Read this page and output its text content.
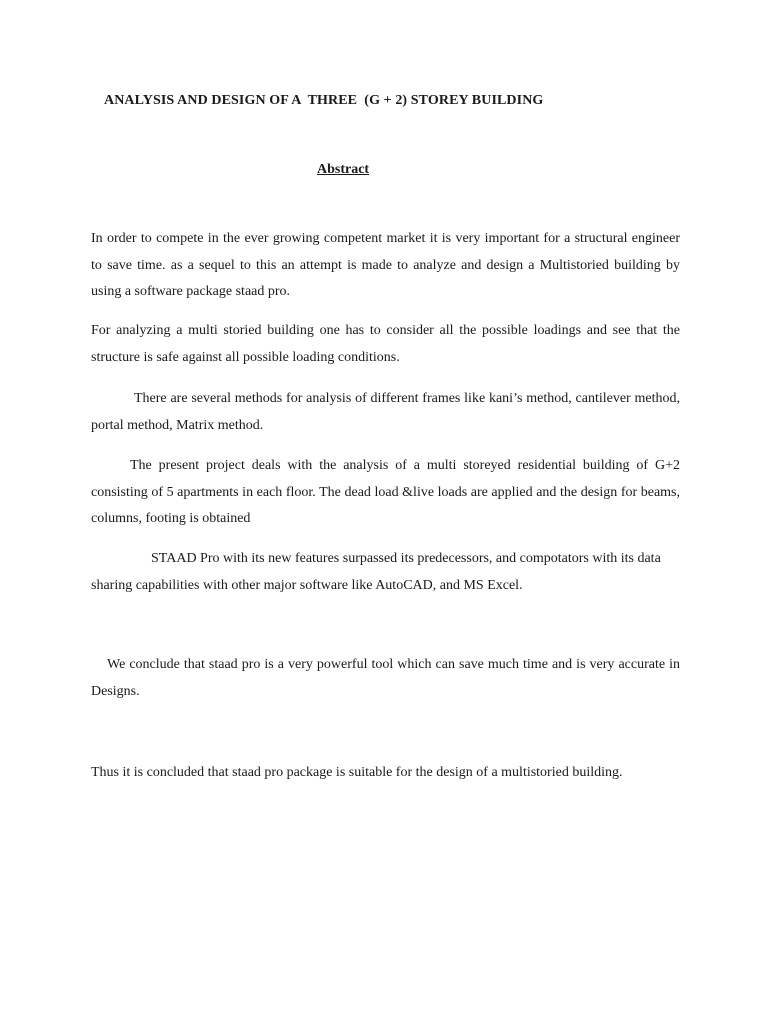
ANALYSIS AND DESIGN OF A  THREE  (G + 2) STOREY BUILDING
Abstract

In order to compete in the ever growing competent market it is very important for a structural engineer to save time. as a sequel to this an attempt is made to analyze and design a Multistoried building by using a software package staad pro.

For analyzing a multi storied building one has to consider all the possible loadings and see that the structure is safe against all possible loading conditions.

There are several methods for analysis of different frames like kani’s method, cantilever method, portal method, Matrix method.

The present project deals with the analysis of a multi storeyed residential building of G+2 consisting of 5 apartments in each floor. The dead load &live loads are applied and the design for beams, columns, footing is obtained

STAAD Pro with its new features surpassed its predecessors, and compotators with its data sharing capabilities with other major software like AutoCAD, and MS Excel.

We conclude that staad pro is a very powerful tool which can save much time and is very accurate in Designs.

Thus it is concluded that staad pro package is suitable for the design of a multistoried building.
